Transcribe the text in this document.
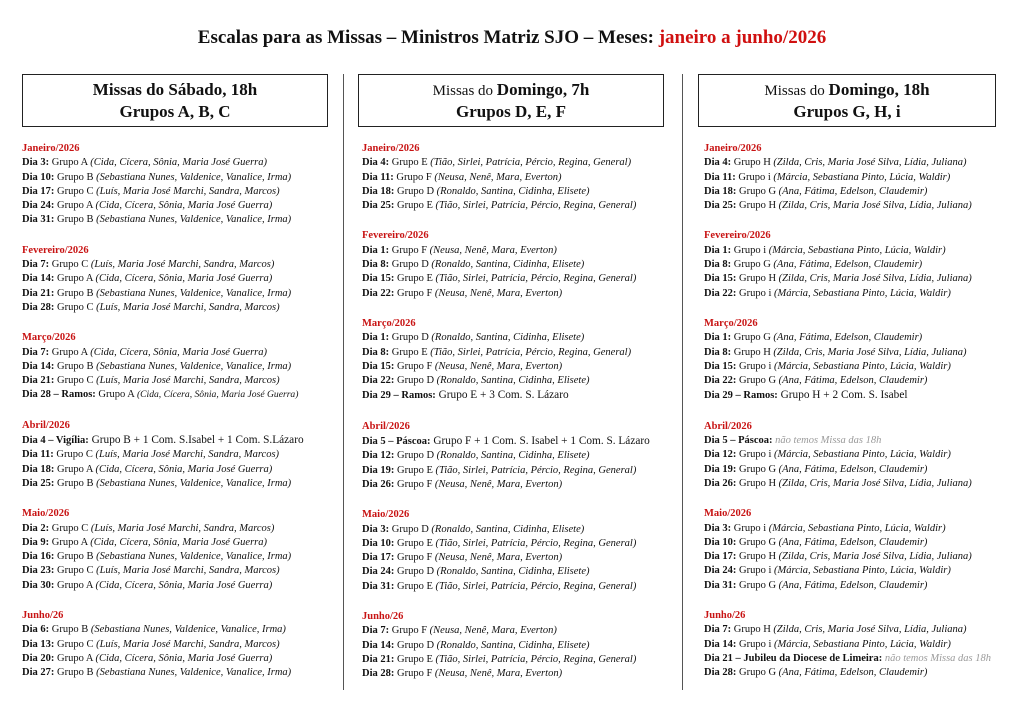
Escalas para as Missas – Ministros Matriz SJO – Meses: janeiro a junho/2026
Missas do Sábado, 18h
Grupos A, B, C
Janeiro/2026
Dia 3: Grupo A (Cida, Cícera, Sônia, Maria José Guerra)
Dia 10: Grupo B (Sebastiana Nunes, Valdenice, Vanalice, Irma)
Dia 17: Grupo C (Luís, Maria José Marchi, Sandra, Marcos)
Dia 24: Grupo A (Cida, Cícera, Sônia, Maria José Guerra)
Dia 31: Grupo B (Sebastiana Nunes, Valdenice, Vanalice, Irma)
Fevereiro/2026
Dia 7: Grupo C (Luís, Maria José Marchi, Sandra, Marcos)
Dia 14: Grupo A (Cida, Cícera, Sônia, Maria José Guerra)
Dia 21: Grupo B (Sebastiana Nunes, Valdenice, Vanalice, Irma)
Dia 28: Grupo C (Luís, Maria José Marchi, Sandra, Marcos)
Março/2026
Dia 7: Grupo A (Cida, Cícera, Sônia, Maria José Guerra)
Dia 14: Grupo B (Sebastiana Nunes, Valdenice, Vanalice, Irma)
Dia 21: Grupo C (Luís, Maria José Marchi, Sandra, Marcos)
Dia 28 – Ramos: Grupo A (Cida, Cícera, Sônia, Maria José Guerra)
Abril/2026
Dia 4 – Vigília: Grupo B + 1 Com. S.Isabel + 1 Com. S.Lázaro
Dia 11: Grupo C (Luís, Maria José Marchi, Sandra, Marcos)
Dia 18: Grupo A (Cida, Cícera, Sônia, Maria José Guerra)
Dia 25: Grupo B (Sebastiana Nunes, Valdenice, Vanalice, Irma)
Maio/2026
Dia 2: Grupo C (Luís, Maria José Marchi, Sandra, Marcos)
Dia 9: Grupo A (Cida, Cícera, Sônia, Maria José Guerra)
Dia 16: Grupo B (Sebastiana Nunes, Valdenice, Vanalice, Irma)
Dia 23: Grupo C (Luís, Maria José Marchi, Sandra, Marcos)
Dia 30: Grupo A (Cida, Cícera, Sônia, Maria José Guerra)
Junho/26
Dia 6: Grupo B (Sebastiana Nunes, Valdenice, Vanalice, Irma)
Dia 13: Grupo C (Luís, Maria José Marchi, Sandra, Marcos)
Dia 20: Grupo A (Cida, Cícera, Sônia, Maria José Guerra)
Dia 27: Grupo B (Sebastiana Nunes, Valdenice, Vanalice, Irma)
Missas do Domingo, 7h
Grupos D, E, F
Janeiro/2026
Dia 4: Grupo E (Tião, Sirlei, Patrícia, Pércio, Regina, General)
Dia 11: Grupo F (Neusa, Nenê, Mara, Everton)
Dia 18: Grupo D (Ronaldo, Santina, Cidinha, Elisete)
Dia 25: Grupo E (Tião, Sirlei, Patrícia, Pércio, Regina, General)
Fevereiro/2026
Dia 1: Grupo F (Neusa, Nenê, Mara, Everton)
Dia 8: Grupo D (Ronaldo, Santina, Cidinha, Elisete)
Dia 15: Grupo E (Tião, Sirlei, Patrícia, Pércio, Regina, General)
Dia 22: Grupo F (Neusa, Nenê, Mara, Everton)
Março/2026
Dia 1: Grupo D (Ronaldo, Santina, Cidinha, Elisete)
Dia 8: Grupo E (Tião, Sirlei, Patrícia, Pércio, Regina, General)
Dia 15: Grupo F (Neusa, Nenê, Mara, Everton)
Dia 22: Grupo D (Ronaldo, Santina, Cidinha, Elisete)
Dia 29 – Ramos: Grupo E + 3 Com. S. Lázaro
Abril/2026
Dia 5 – Páscoa: Grupo F + 1 Com. S. Isabel + 1 Com. S. Lázaro
Dia 12: Grupo D (Ronaldo, Santina, Cidinha, Elisete)
Dia 19: Grupo E (Tião, Sirlei, Patrícia, Pércio, Regina, General)
Dia 26: Grupo F (Neusa, Nenê, Mara, Everton)
Maio/2026
Dia 3: Grupo D (Ronaldo, Santina, Cidinha, Elisete)
Dia 10: Grupo E (Tião, Sirlei, Patrícia, Pércio, Regina, General)
Dia 17: Grupo F (Neusa, Nenê, Mara, Everton)
Dia 24: Grupo D (Ronaldo, Santina, Cidinha, Elisete)
Dia 31: Grupo E (Tião, Sirlei, Patrícia, Pércio, Regina, General)
Junho/26
Dia 7: Grupo F (Neusa, Nenê, Mara, Everton)
Dia 14: Grupo D (Ronaldo, Santina, Cidinha, Elisete)
Dia 21: Grupo E (Tião, Sirlei, Patrícia, Pércio, Regina, General)
Dia 28: Grupo F (Neusa, Nenê, Mara, Everton)
Missas do Domingo, 18h
Grupos G, H, i
Janeiro/2026
Dia 4: Grupo H (Zilda, Cris, Maria José Silva, Lídia, Juliana)
Dia 11: Grupo i (Márcia, Sebastiana Pinto, Lúcia, Waldir)
Dia 18: Grupo G (Ana, Fátima, Edelson, Claudemir)
Dia 25: Grupo H (Zilda, Cris, Maria José Silva, Lídia, Juliana)
Fevereiro/2026
Dia 1: Grupo i (Márcia, Sebastiana Pinto, Lúcia, Waldir)
Dia 8: Grupo G (Ana, Fátima, Edelson, Claudemir)
Dia 15: Grupo H (Zilda, Cris, Maria José Silva, Lídia, Juliana)
Dia 22: Grupo i (Márcia, Sebastiana Pinto, Lúcia, Waldir)
Março/2026
Dia 1: Grupo G (Ana, Fátima, Edelson, Claudemir)
Dia 8: Grupo H (Zilda, Cris, Maria José Silva, Lídia, Juliana)
Dia 15: Grupo i (Márcia, Sebastiana Pinto, Lúcia, Waldir)
Dia 22: Grupo G (Ana, Fátima, Edelson, Claudemir)
Dia 29 – Ramos: Grupo H + 2 Com. S. Isabel
Abril/2026
Dia 5 – Páscoa: não temos Missa das 18h
Dia 12: Grupo i (Márcia, Sebastiana Pinto, Lúcia, Waldir)
Dia 19: Grupo G (Ana, Fátima, Edelson, Claudemir)
Dia 26: Grupo H (Zilda, Cris, Maria José Silva, Lídia, Juliana)
Maio/2026
Dia 3: Grupo i (Márcia, Sebastiana Pinto, Lúcia, Waldir)
Dia 10: Grupo G (Ana, Fátima, Edelson, Claudemir)
Dia 17: Grupo H (Zilda, Cris, Maria José Silva, Lídia, Juliana)
Dia 24: Grupo i (Márcia, Sebastiana Pinto, Lúcia, Waldir)
Dia 31: Grupo G (Ana, Fátima, Edelson, Claudemir)
Junho/26
Dia 7: Grupo H (Zilda, Cris, Maria José Silva, Lídia, Juliana)
Dia 14: Grupo i (Márcia, Sebastiana Pinto, Lúcia, Waldir)
Dia 21 – Jubileu da Diocese de Limeira: não temos Missa das 18h
Dia 28: Grupo G (Ana, Fátima, Edelson, Claudemir)
